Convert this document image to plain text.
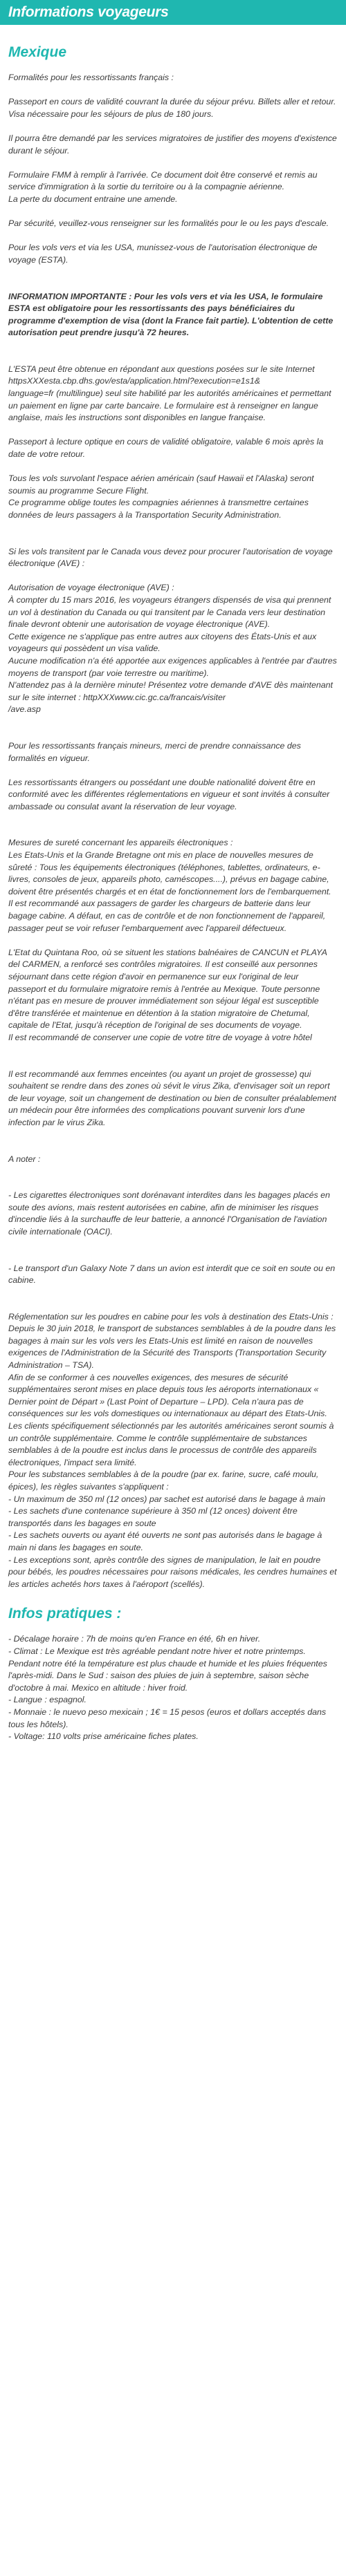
Informations voyageurs
Mexique

Formalités pour les ressortissants français :

Passeport en cours de validité couvrant la durée du séjour prévu. Billets aller et retour.
Visa nécessaire pour les séjours de plus de 180 jours.

Il pourra être demandé par les services migratoires de justifier des moyens d'existence durant le séjour.

Formulaire FMM à remplir à l'arrivée. Ce document doit être conservé et remis au service d'immigration à la sortie du territoire ou à la compagnie aérienne.
La perte du document entraine une amende.

Par sécurité, veuillez-vous renseigner sur les formalités pour le ou les pays d'escale.

Pour les vols vers et via les USA, munissez-vous de l'autorisation électronique de voyage (ESTA).

INFORMATION IMPORTANTE : Pour les vols vers et via les USA, le formulaire ESTA est obligatoire pour les ressortissants des pays bénéficiaires du programme d'exemption de visa (dont la France fait partie). L'obtention de cette autorisation peut prendre jusqu'à 72 heures.

L'ESTA peut être obtenue en répondant aux questions posées sur le site Internet httpsXXXesta.cbp.dhs.gov/esta/application.html?execution=e1s1&
language=fr (multilingue) seul site habilité par les autorités américaines et permettant un paiement en ligne par carte bancaire. Le formulaire est à renseigner en langue anglaise, mais les instructions sont disponibles en langue française.

Passeport à lecture optique en cours de validité obligatoire, valable 6 mois après la date de votre retour.

Tous les vols survolant l'espace aérien américain (sauf Hawaii et l'Alaska) seront soumis au programme Secure Flight.
Ce programme oblige toutes les compagnies aériennes à transmettre certaines données de leurs passagers à la Transportation Security Administration.

Si les vols transitent par le Canada vous devez pour procurer l'autorisation de voyage électronique (AVE) :

Autorisation de voyage électronique (AVE) :
À compter du 15 mars 2016, les voyageurs étrangers dispensés de visa qui prennent un vol à destination du Canada ou qui transitent par le Canada vers leur destination finale devront obtenir une autorisation de voyage électronique (AVE).
Cette exigence ne s'applique pas entre autres aux citoyens des États-Unis et aux voyageurs qui possèdent un visa valide.
Aucune modification n'a été apportée aux exigences applicables à l'entrée par d'autres moyens de transport (par voie terrestre ou maritime).
N'attendez pas à la dernière minute! Présentez votre demande d'AVE dès maintenant sur le site internet : httpXXXwww.cic.gc.ca/francais/visiter
/ave.asp

Pour les ressortissants français mineurs, merci de prendre connaissance des formalités en vigueur.

Les ressortissants étrangers ou possédant une double nationalité doivent être en conformité avec les différentes réglementations en vigueur et sont invités à consulter ambassade ou consulat avant la réservation de leur voyage.

Mesures de sureté concernant les appareils électroniques :
Les Etats-Unis et la Grande Bretagne ont mis en place de nouvelles mesures de sûreté : Tous les équipements électroniques (téléphones, tablettes, ordinateurs, e-livres, consoles de jeux, appareils photo, caméscopes....), prévus en bagage cabine, doivent être présentés chargés et en état de fonctionnement lors de l'embarquement.
Il est recommandé aux passagers de garder les chargeurs de batterie dans leur bagage cabine. A défaut, en cas de contrôle et de non fonctionnement de l'appareil, passager peut se voir refuser l'embarquement avec l'appareil défectueux.

L'Etat du Quintana Roo, où se situent les stations balnéaires de CANCUN et PLAYA del CARMEN, a renforcé ses contrôles migratoires. Il est conseillé aux personnes séjournant dans cette région d'avoir en permanence sur eux l'original de leur passeport et du formulaire migratoire remis à l'entrée au Mexique. Toute personne n'étant pas en mesure de prouver immédiatement son séjour légal est susceptible d'être transférée et maintenue en détention à la station migratoire de Chetumal, capitale de l'Etat, jusqu'à réception de l'original de ses documents de voyage.
Il est recommandé de conserver une copie de votre titre de voyage à votre hôtel

Il est recommandé aux femmes enceintes (ou ayant un projet de grossesse) qui souhaitent se rendre dans des zones où sévit le virus Zika, d'envisager soit un report de leur voyage, soit un changement de destination ou bien de consulter préalablement un médecin pour être informées des complications pouvant survenir lors d'une infection par le virus Zika.

A noter :

- Les cigarettes électroniques sont dorénavant interdites dans les bagages placés en soute des avions, mais restent autorisées en cabine, afin de minimiser les risques d'incendie liés à la surchauffe de leur batterie, a annoncé l'Organisation de l'aviation civile internationale (OACI).

- Le transport d'un Galaxy Note 7 dans un avion est interdit que ce soit en soute ou en cabine.

Réglementation sur les poudres en cabine pour les vols à destination des Etats-Unis :
Depuis le 30 juin 2018, le transport de substances semblables à de la poudre dans les bagages à main sur les vols vers les Etats-Unis est limité en raison de nouvelles exigences de l'Administration de la Sécurité des Transports (Transportation Security Administration – TSA).
Afin de se conformer à ces nouvelles exigences, des mesures de sécurité supplémentaires seront mises en place depuis tous les aéroports internationaux « Dernier point de Départ » (Last Point of Departure – LPD). Cela n'aura pas de conséquences sur les vols domestiques ou internationaux au départ des Etats-Unis.
Les clients spécifiquement sélectionnés par les autorités américaines seront soumis à un contrôle supplémentaire. Comme le contrôle supplémentaire de substances semblables à de la poudre est inclus dans le processus de contrôle des appareils électroniques, l'impact sera limité.
Pour les substances semblables à de la poudre (par ex. farine, sucre, café moulu, épices), les règles suivantes s'appliquent :
- Un maximum de 350 ml (12 onces) par sachet est autorisé dans le bagage à main
- Les sachets d'une contenance supérieure à 350 ml (12 onces) doivent être transportés dans les bagages en soute
- Les sachets ouverts ou ayant été ouverts ne sont pas autorisés dans le bagage à main ni dans les bagages en soute.
- Les exceptions sont, après contrôle des signes de manipulation, le lait en poudre pour bébés, les poudres nécessaires pour raisons médicales, les cendres humaines et les articles achetés hors taxes à l'aéroport (scellés).

Infos pratiques :

- Décalage horaire : 7h de moins qu'en France en été, 6h en hiver.
- Climat : Le Mexique est très agréable pendant notre hiver et notre printemps. Pendant notre été la température est plus chaude et humide et les pluies fréquentes l'après-midi. Dans le Sud : saison des pluies de juin à septembre, saison sèche d'octobre à mai. Mexico en altitude : hiver froid.
- Langue : espagnol.
- Monnaie : le nuevo peso mexicain ; 1€ = 15 pesos (euros et dollars acceptés dans tous les hôtels).
- Voltage: 110 volts prise américaine fiches plates.
